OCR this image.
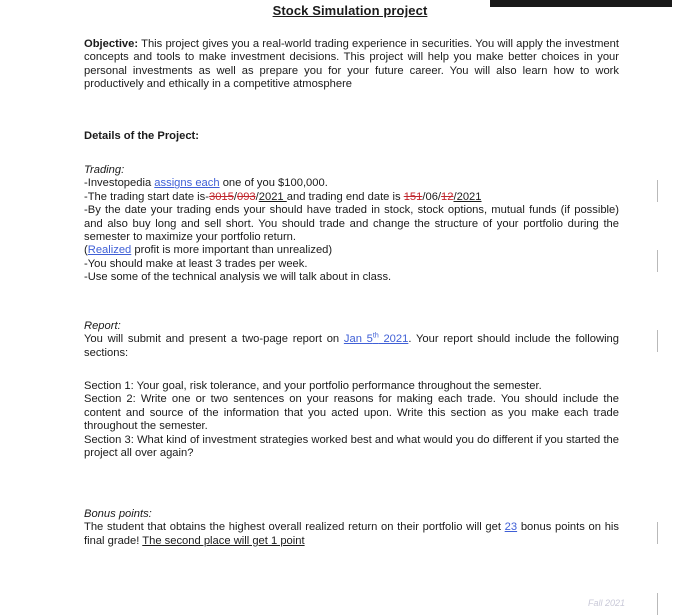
Stock Simulation project

Objective: This project gives you a real-world trading experience in securities. You will apply the investment concepts and tools to make investment decisions. This project will help you make better choices in your personal investments as well as prepare you for your future career. You will also learn how to work productively and ethically in a competitive atmosphere

Details of the Project:

Trading:
-Investopedia assigns each one of you $100,000.
-The trading start date is-3015/093/2021 and trading end date is 151/06/12/2021
-By the date your trading ends your should have traded in stock, stock options, mutual funds (if possible) and also buy long and sell short. You should trade and change the structure of your portfolio during the semester to maximize your portfolio return.
(Realized profit is more important than unrealized)
-You should make at least 3 trades per week.
-Use some of the technical analysis we will talk about in class.
Report:
You will submit and present a two-page report on Jan 5th 2021. Your report should include the following sections:
Section 1: Your goal, risk tolerance, and your portfolio performance throughout the semester.
Section 2: Write one or two sentences on your reasons for making each trade. You should include the content and source of the information that you acted upon. Write this section as you make each trade throughout the semester.
Section 3: What kind of investment strategies worked best and what would you do different if you started the project all over again?
Bonus points:
The student that obtains the highest overall realized return on their portfolio will get 23 bonus points on his final grade! The second place will get 1 point
Fall 2021
